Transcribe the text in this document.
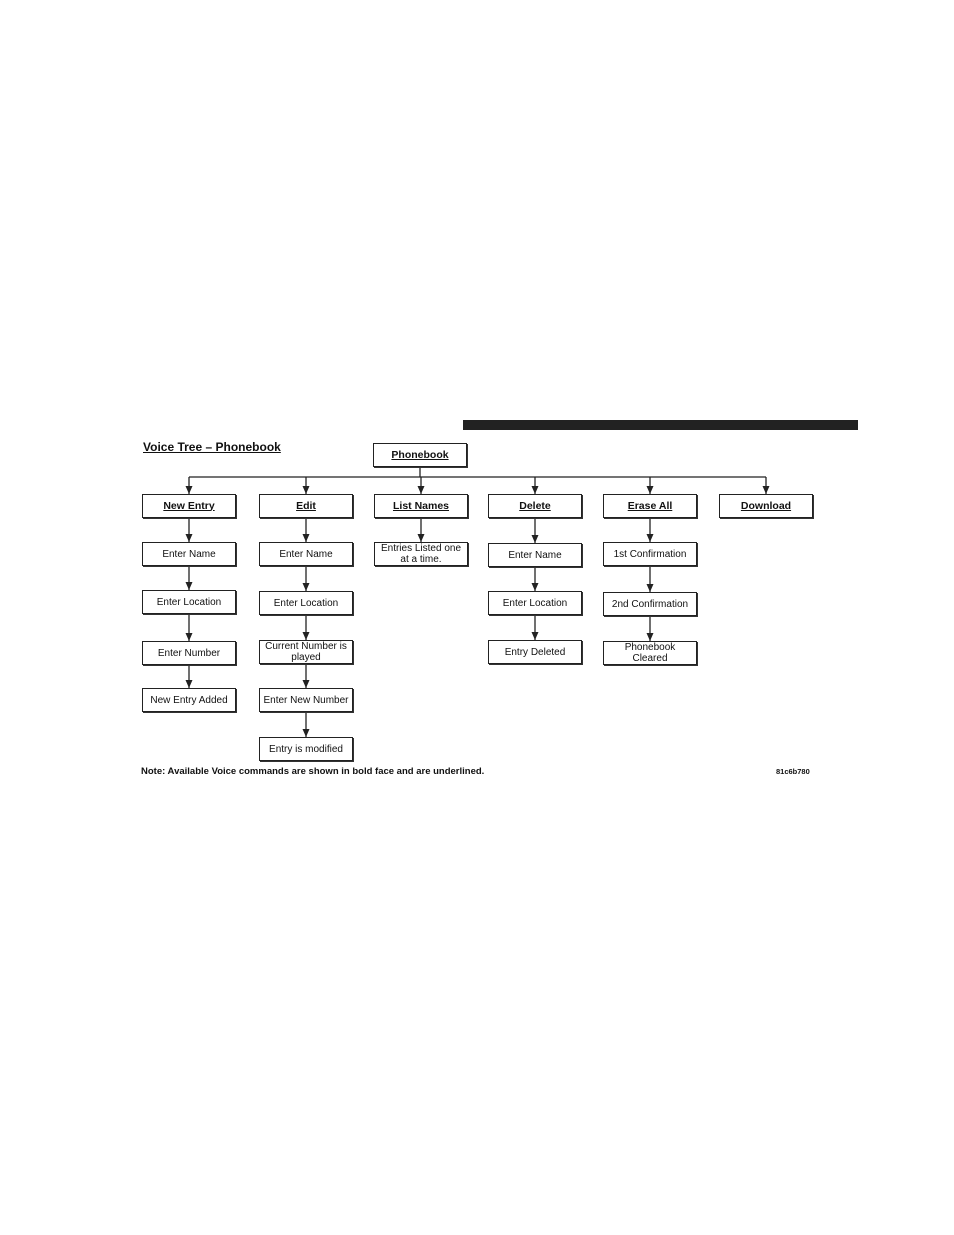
Voice Tree – Phonebook
Phonebook
New Entry
Enter Name
Enter Location
Enter Number
New Entry Added
Edit
Enter Name
Enter Location
Current Number is played
Enter New Number
Entry is modified
List Names
Entries Listed one at a time.
Delete
Enter Name
Enter Location
Entry Deleted
Erase All
1st Confirmation
2nd Confirmation
Phonebook Cleared
Download
Note: Available Voice commands are shown in bold face and are underlined.	81c6b780
